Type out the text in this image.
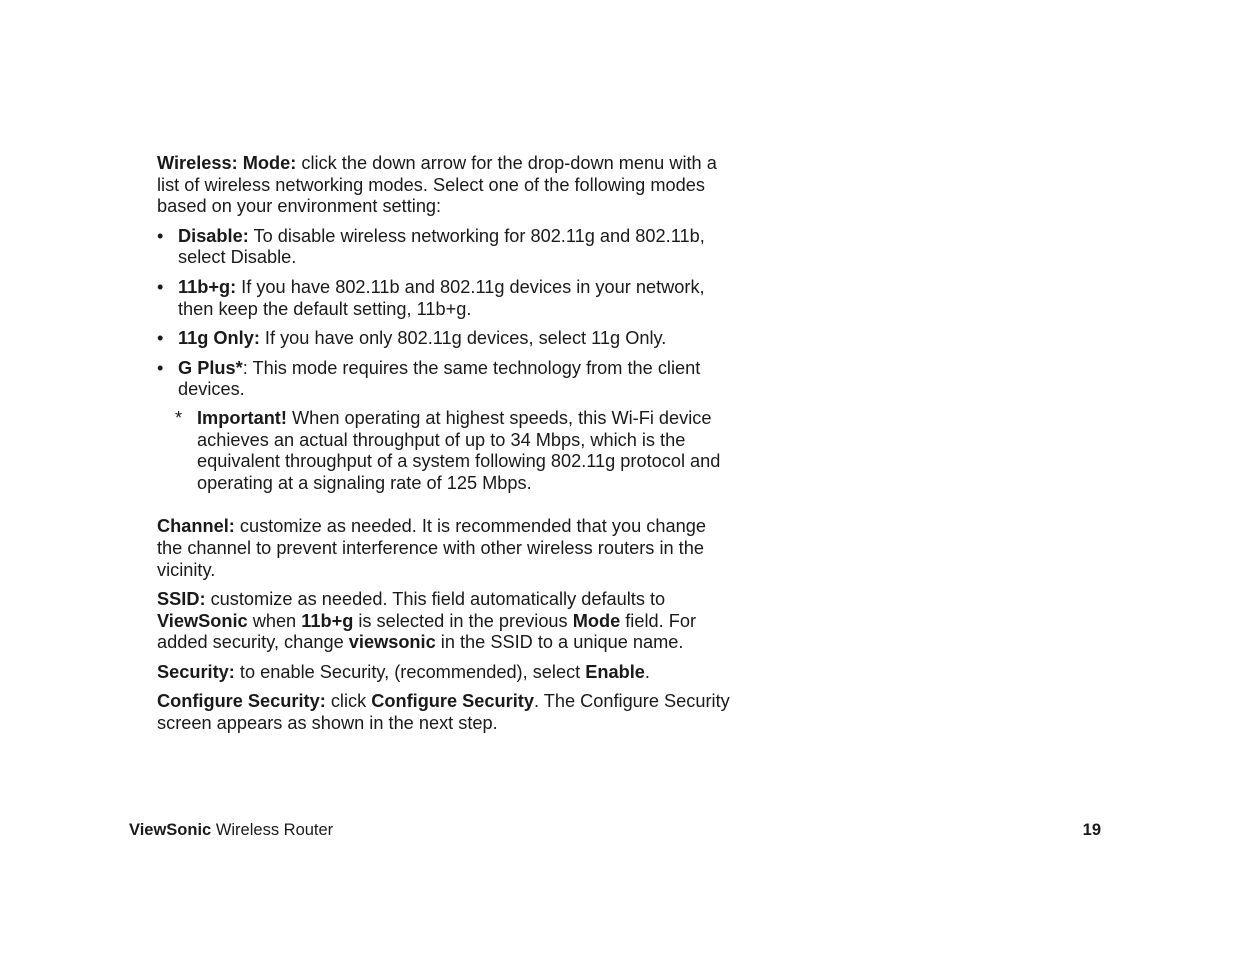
Wireless: Mode: click the down arrow for the drop-down menu with a list of wireless networking modes. Select one of the following modes based on your environment setting:

• Disable: To disable wireless networking for 802.11g and 802.11b, select Disable.
• 11b+g: If you have 802.11b and 802.11g devices in your network, then keep the default setting, 11b+g.
• 11g Only: If you have only 802.11g devices, select 11g Only.
• G Plus*: This mode requires the same technology from the client devices.

* Important! When operating at highest speeds, this Wi-Fi device achieves an actual throughput of up to 34 Mbps, which is the equivalent throughput of a system following 802.11g protocol and operating at a signaling rate of 125 Mbps.

Channel: customize as needed. It is recommended that you change the channel to prevent interference with other wireless routers in the vicinity.

SSID: customize as needed. This field automatically defaults to ViewSonic when 11b+g is selected in the previous Mode field. For added security, change viewsonic in the SSID to a unique name.

Security: to enable Security, (recommended), select Enable.

Configure Security: click Configure Security. The Configure Security screen appears as shown in the next step.

ViewSonic Wireless Router	19
